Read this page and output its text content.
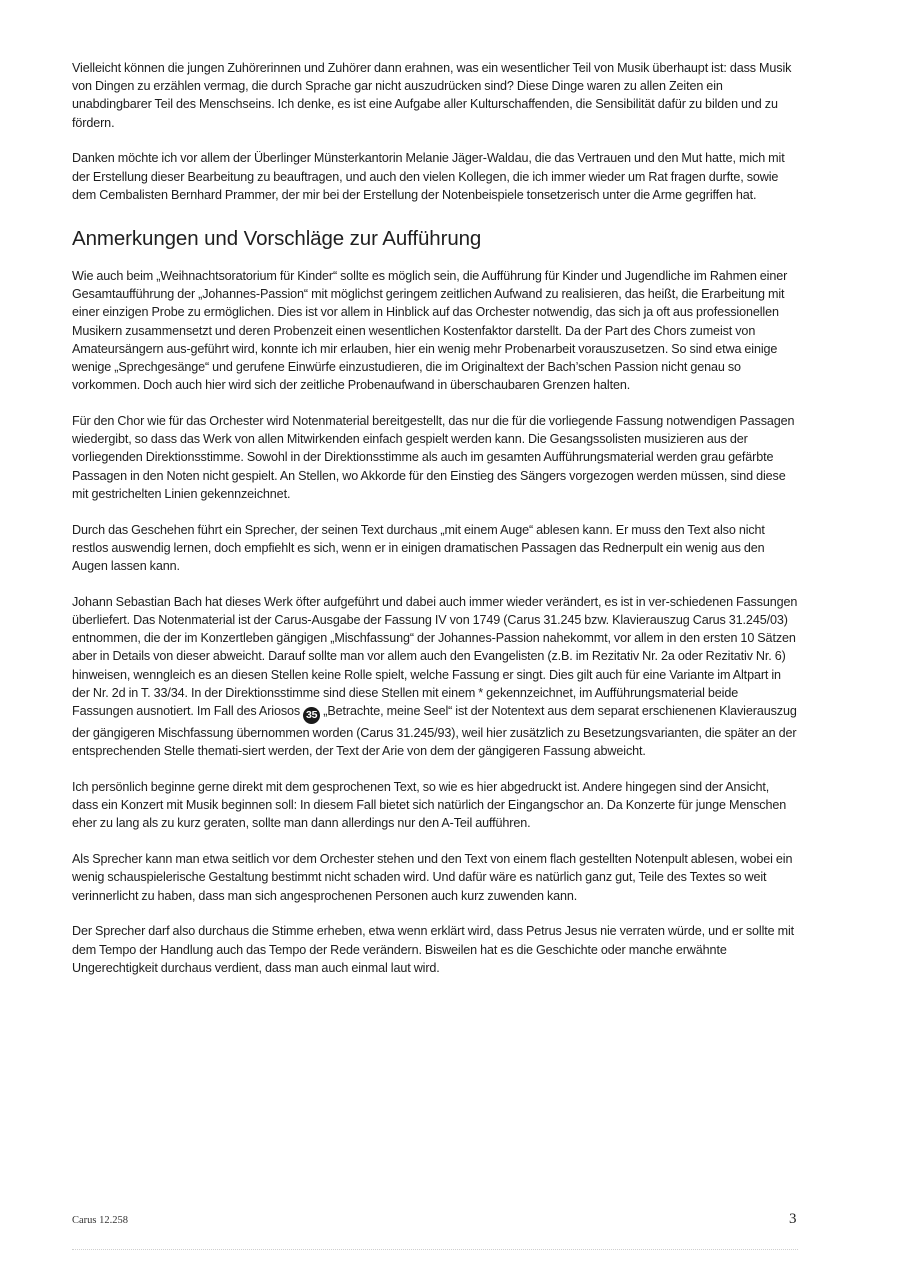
Vielleicht können die jungen Zuhörerinnen und Zuhörer dann erahnen, was ein wesentlicher Teil von Musik überhaupt ist: dass Musik von Dingen zu erzählen vermag, die durch Sprache gar nicht auszudrücken sind? Diese Dinge waren zu allen Zeiten ein unabdingbarer Teil des Menschseins. Ich denke, es ist eine Aufgabe aller Kulturschaffenden, die Sensibilität dafür zu bilden und zu fördern.

Danken möchte ich vor allem der Überlinger Münsterkantorin Melanie Jäger-Waldau, die das Vertrauen und den Mut hatte, mich mit der Erstellung dieser Bearbeitung zu beauftragen, und auch den vielen Kollegen, die ich immer wieder um Rat fragen durfte, sowie dem Cembalisten Bernhard Prammer, der mir bei der Erstellung der Notenbeispiele tonsetzerisch unter die Arme gegriffen hat.

Anmerkungen und Vorschläge zur Aufführung

Wie auch beim „Weihnachtsoratorium für Kinder“ sollte es möglich sein, die Aufführung für Kinder und Jugendliche im Rahmen einer Gesamtaufführung der „Johannes-Passion“ mit möglichst geringem zeitlichen Aufwand zu realisieren, das heißt, die Erarbeitung mit einer einzigen Probe zu ermöglichen. Dies ist vor allem in Hinblick auf das Orchester notwendig, das sich ja oft aus professionellen Musikern zusammensetzt und deren Probenzeit einen wesentlichen Kostenfaktor darstellt. Da der Part des Chors zumeist von Amateursängern aus-geführt wird, konnte ich mir erlauben, hier ein wenig mehr Probenarbeit vorauszusetzen. So sind etwa einige wenige „Sprechgesänge“ und gerufene Einwürfe einzustudieren, die im Originaltext der Bach’schen Passion nicht genau so vorkommen. Doch auch hier wird sich der zeitliche Probenaufwand in überschaubaren Grenzen halten.

Für den Chor wie für das Orchester wird Notenmaterial bereitgestellt, das nur die für die vorliegende Fassung notwendigen Passagen wiedergibt, so dass das Werk von allen Mitwirkenden einfach gespielt werden kann. Die Gesangssolisten musizieren aus der vorliegenden Direktionsstimme. Sowohl in der Direktionsstimme als auch im gesamten Aufführungsmaterial werden grau gefärbte Passagen in den Noten nicht gespielt. An Stellen, wo Akkorde für den Einstieg des Sängers vorgezogen werden müssen, sind diese mit gestrichelten Linien gekennzeichnet.

Durch das Geschehen führt ein Sprecher, der seinen Text durchaus „mit einem Auge“ ablesen kann. Er muss den Text also nicht restlos auswendig lernen, doch empfiehlt es sich, wenn er in einigen dramatischen Passagen das Rednerpult ein wenig aus den Augen lassen kann.

Johann Sebastian Bach hat dieses Werk öfter aufgeführt und dabei auch immer wieder verändert, es ist in ver-schiedenen Fassungen überliefert. Das Notenmaterial ist der Carus-Ausgabe der Fassung IV von 1749 (Carus 31.245 bzw. Klavierauszug Carus 31.245/03) entnommen, die der im Konzertleben gängigen „Mischfassung“ der Johannes-Passion nahekommt, vor allem in den ersten 10 Sätzen aber in Details von dieser abweicht. Darauf sollte man vor allem auch den Evangelisten (z.B. im Rezitativ Nr. 2a oder Rezitativ Nr. 6) hinweisen, wenngleich es an diesen Stellen keine Rolle spielt, welche Fassung er singt. Dies gilt auch für eine Variante im Altpart in der Nr. 2d in T. 33/34. In der Direktionsstimme sind diese Stellen mit einem * gekennzeichnet, im Aufführungsmaterial beide Fassungen ausnotiert. Im Fall des Ariosos 35 „Betrachte, meine Seel“ ist der Notentext aus dem separat erschienenen Klavierauszug der gängigeren Mischfassung übernommen worden (Carus 31.245/93), weil hier zusätzlich zu Besetzungsvarianten, die später an der entsprechenden Stelle themati-siert werden, der Text der Arie von dem der gängigeren Fassung abweicht.

Ich persönlich beginne gerne direkt mit dem gesprochenen Text, so wie es hier abgedruckt ist. Andere hingegen sind der Ansicht, dass ein Konzert mit Musik beginnen soll: In diesem Fall bietet sich natürlich der Eingangschor an. Da Konzerte für junge Menschen eher zu lang als zu kurz geraten, sollte man dann allerdings nur den A-Teil aufführen.

Als Sprecher kann man etwa seitlich vor dem Orchester stehen und den Text von einem flach gestellten Notenpult ablesen, wobei ein wenig schauspielerische Gestaltung bestimmt nicht schaden wird. Und dafür wäre es natürlich ganz gut, Teile des Textes so weit verinnerlicht zu haben, dass man sich angesprochenen Personen auch kurz zuwenden kann.

Der Sprecher darf also durchaus die Stimme erheben, etwa wenn erklärt wird, dass Petrus Jesus nie verraten würde, und er sollte mit dem Tempo der Handlung auch das Tempo der Rede verändern. Bisweilen hat es die Geschichte oder manche erwähnte Ungerechtigkeit durchaus verdient, dass man auch einmal laut wird.

Carus 12.258	3
